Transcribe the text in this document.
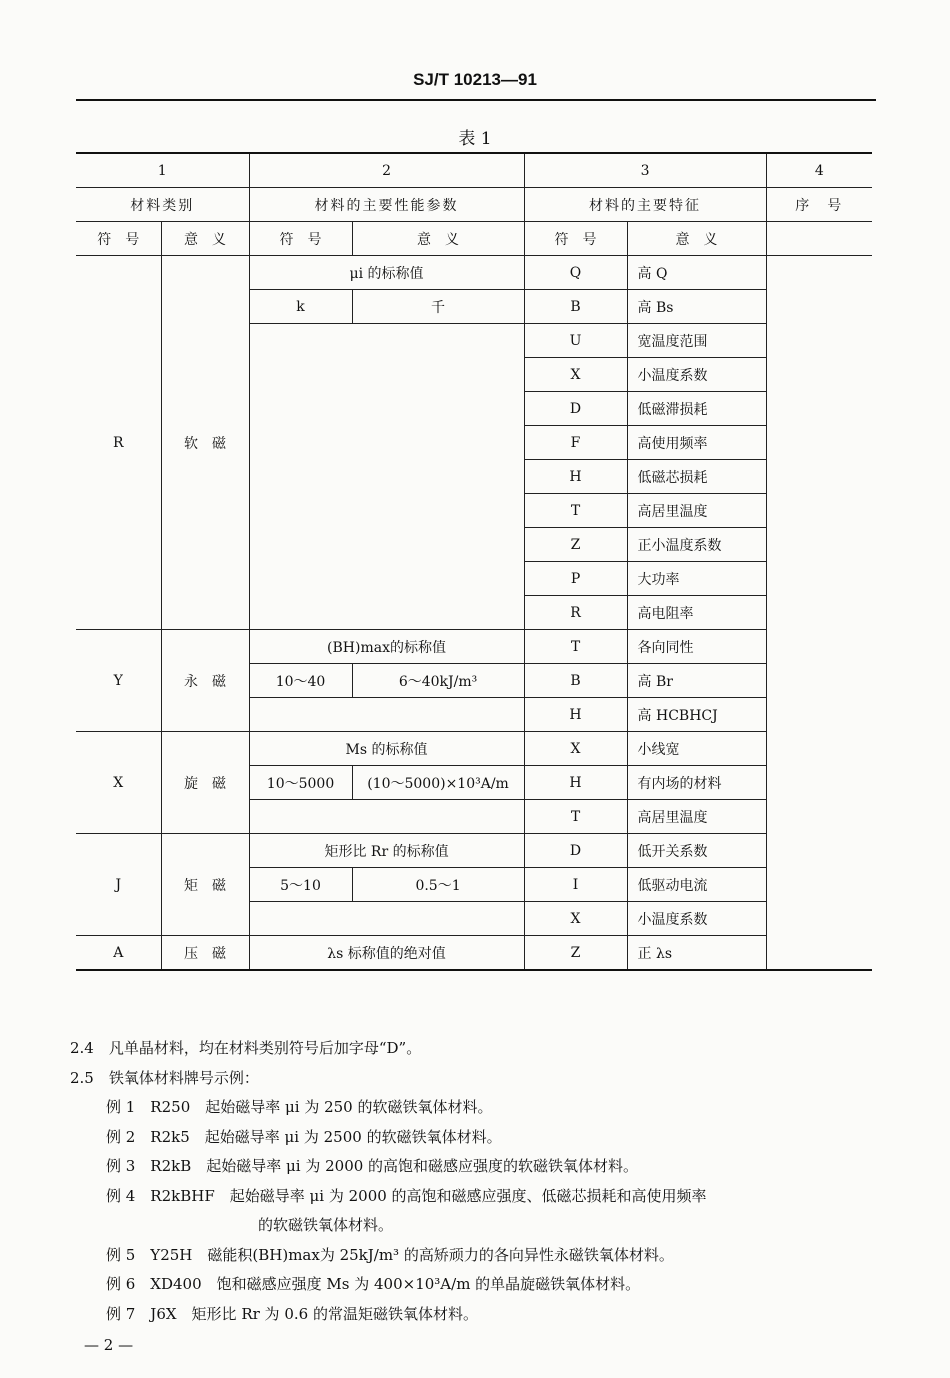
SJ/T 10213—91
表 1
1		2		3		4
材料类别		材料的主要性能参数		材料的主要特征		序　号
符　号	意　义	符　号	意　义	符　号	意　义	
R	软　磁	μi 的标称值		Q	高 Q	
		k	千	B	高 Bs	
				U	宽温度范围	
				X	小温度系数	
				D	低磁滞损耗	
				F	高使用频率	
				H	低磁芯损耗	
				T	高居里温度	
				Z	正小温度系数	
				P	大功率	
				R	高电阻率	
Y	永　磁	(BH)max的标称值		T	各向同性	
		10～40	6～40kJ/m³	B	高 Br	
				H	高 HCBHCJ	
X	旋　磁	Ms 的标称值		X	小线宽	
		10～5000	(10～5000)×10³A/m	H	有内场的材料	
				T	高居里温度	
J	矩　磁	矩形比 Rr 的标称值		D	低开关系数	
		5～10	0.5～1	I	低驱动电流	
				X	小温度系数	
A	压　磁	λs 标称值的绝对值		Z	正 λs	
2.4　凡单晶材料，均在材料类别符号后加字母“D”。
2.5　铁氧体材料牌号示例：
例 1　R250　起始磁导率 μi 为 250 的软磁铁氧体材料。
例 2　R2k5　起始磁导率 μi 为 2500 的软磁铁氧体材料。
例 3　R2kB　起始磁导率 μi 为 2000 的高饱和磁感应强度的软磁铁氧体材料。
例 4　R2kBHF　起始磁导率 μi 为 2000 的高饱和磁感应强度、低磁芯损耗和高使用频率
的软磁铁氧体材料。
例 5　Y25H　磁能积(BH)max为 25kJ/m³ 的高矫顽力的各向异性永磁铁氧体材料。
例 6　XD400　饱和磁感应强度 Ms 为 400×10³A/m 的单晶旋磁铁氧体材料。
例 7　J6X　矩形比 Rr 为 0.6 的常温矩磁铁氧体材料。
— 2 —
